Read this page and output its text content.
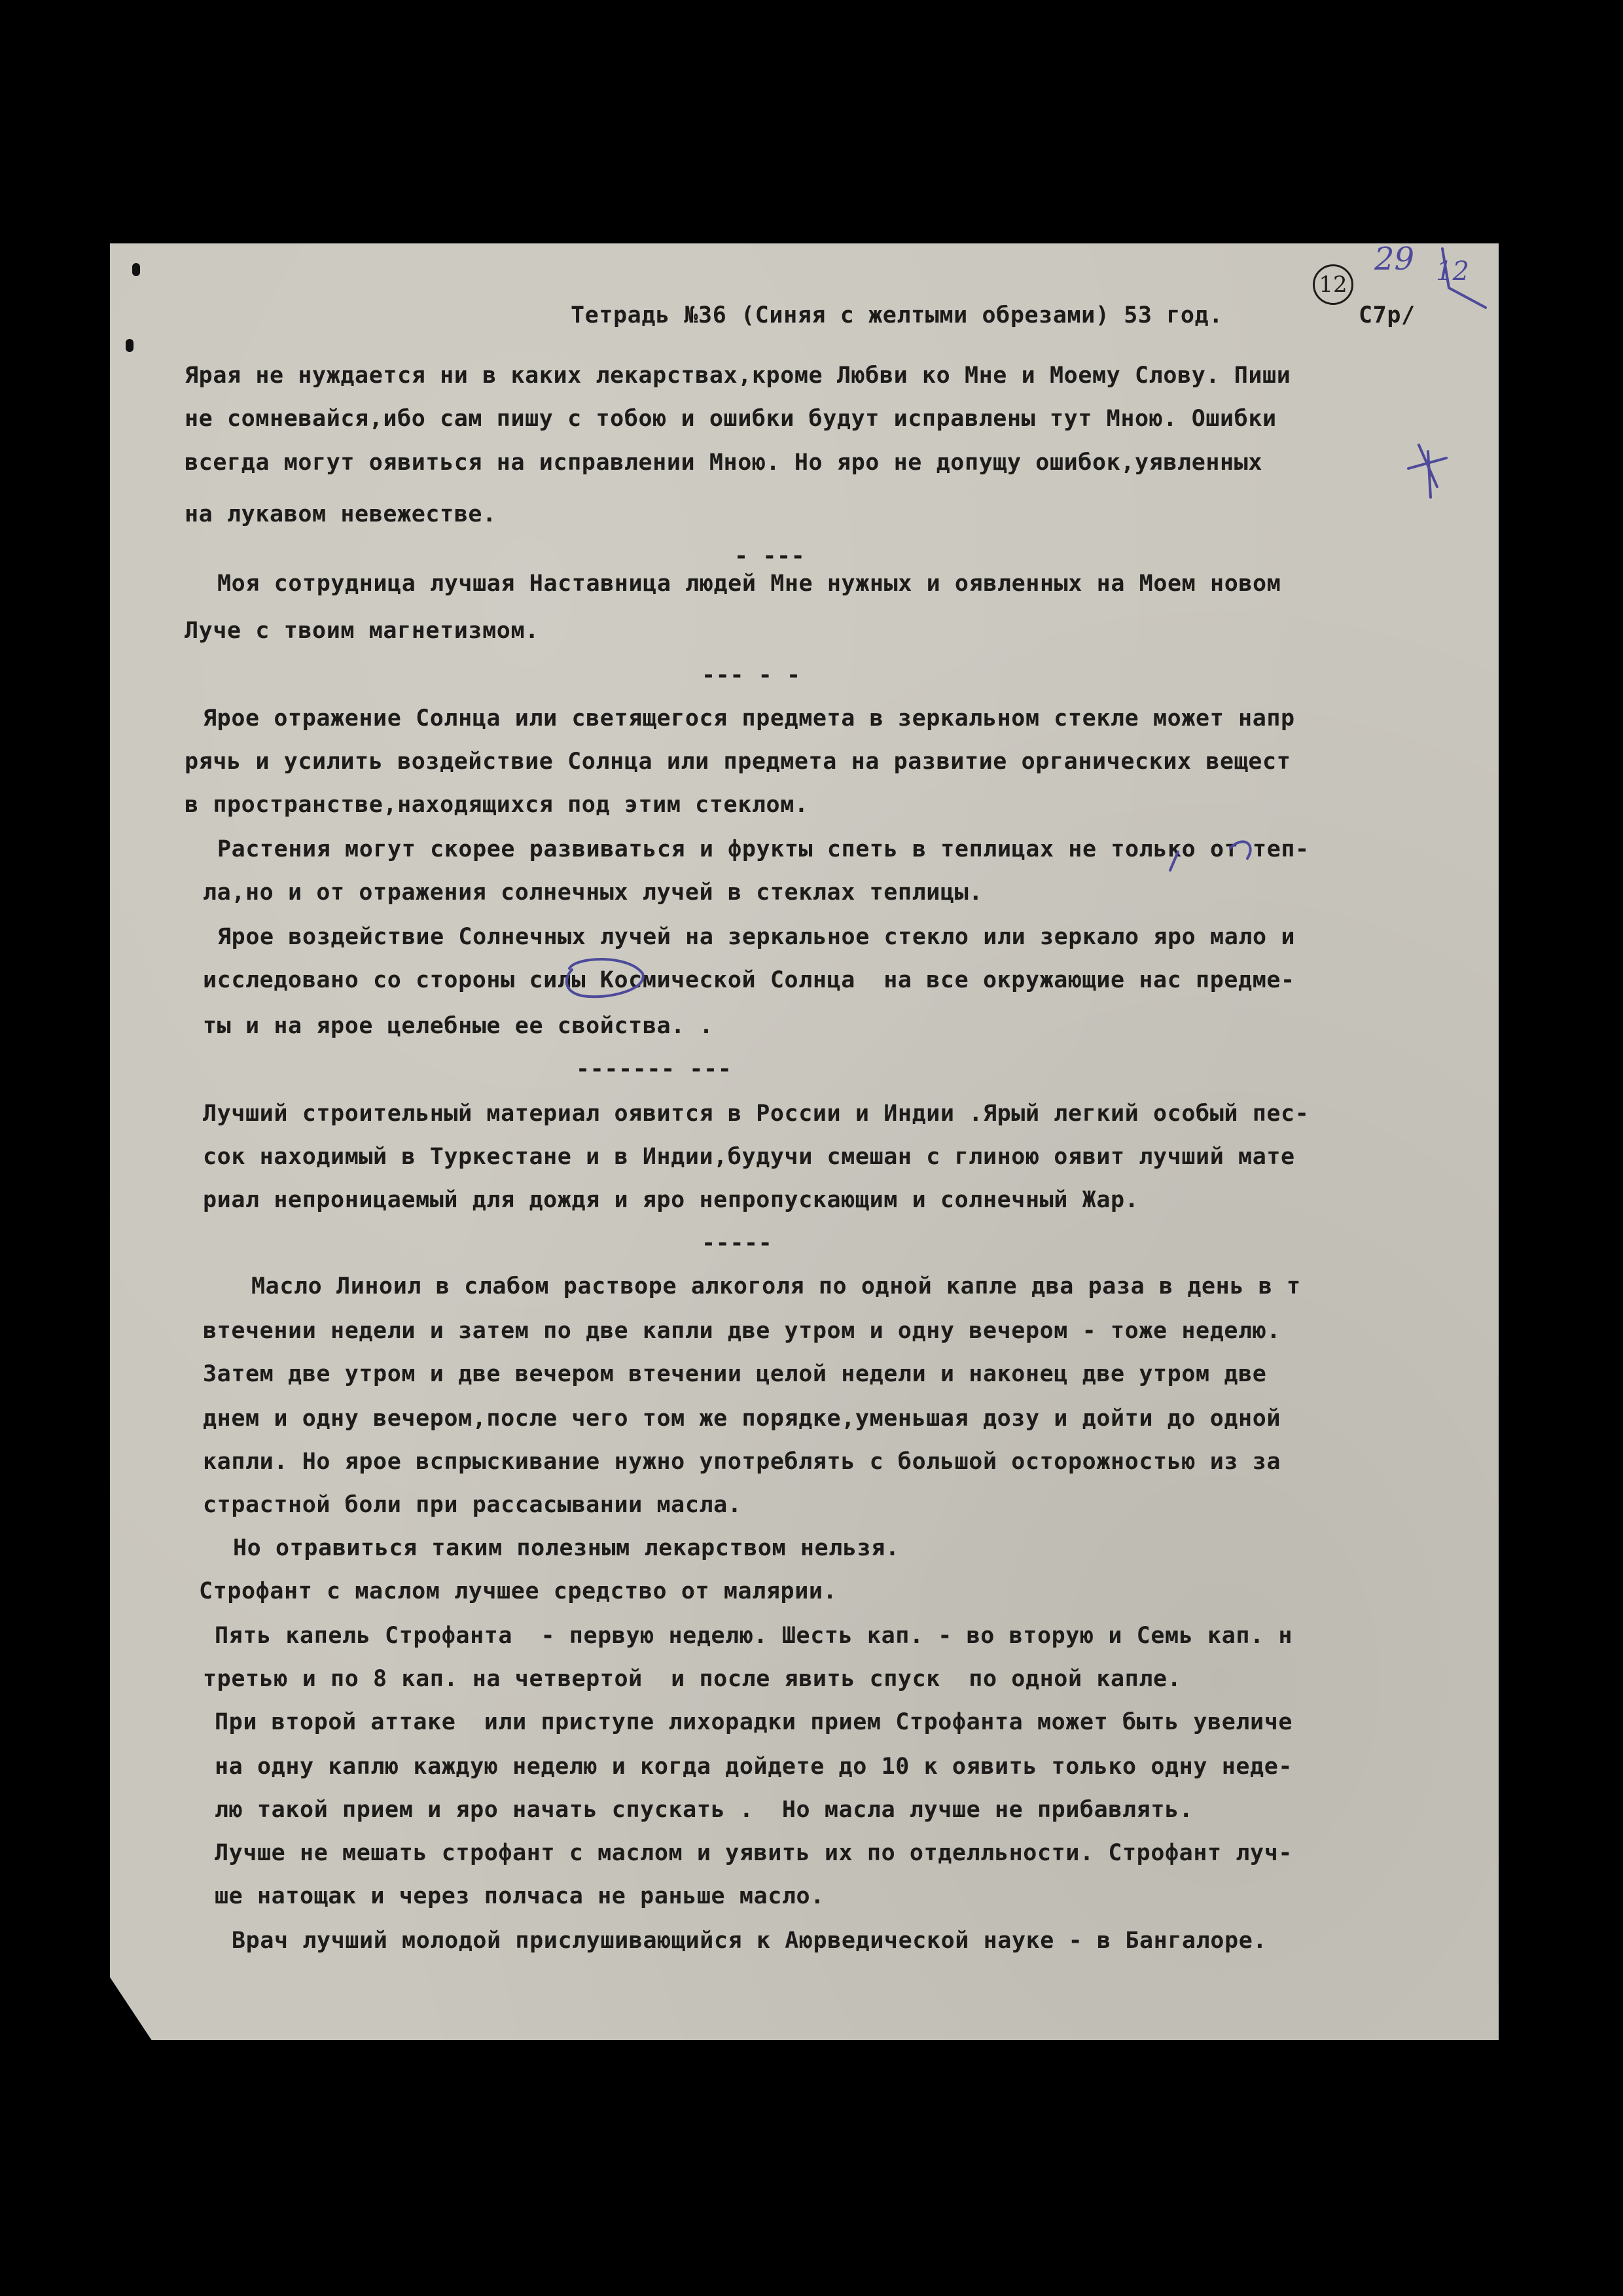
Тетрадь №36 (Синяя с желтыми обрезами) 53 год.	С7р/
29 12
12
Ярая не нуждается ни в каких лекарствах,кроме Любви ко Мне и Моему Слову. Пиши
не сомневайся,ибо сам пишу с тобою и ошибки будут исправлены тут Мною. Ошибки
всегда могут оявиться на исправлении Мною. Но яро не допущу ошибок,уявленных
на лукавом невежестве.
- ---
Моя сотрудница лучшая Наставница людей Мне нужных и оявленных на Моем новом
Луче с твоим магнетизмом.
--- - -
Ярое отражение Солнца или светящегося предмета в зеркальном стекле может напр
рячь и усилить воздействие Солнца или предмета на развитие органических вещест
в пространстве,находящихся под этим стеклом.
Растения могут скорее развиваться и фрукты спеть в теплицах не только от теп-
ла,но и от отражения солнечных лучей в стеклах теплицы.
Ярое воздействие Солнечных лучей на зеркальное стекло или зеркало яро мало и
исследовано со стороны силы Космической Солнца  на все окружающие нас предме-
ты и на ярое целебные ее свойства. .
------- ---
Лучший строительный материал оявится в России и Индии .Ярый легкий особый пес-
сок находимый в Туркестане и в Индии,будучи смешан с глиною оявит лучший мате
риал непроницаемый для дождя и яро непропускающим и солнечный Жар.
-----
Масло Линоил в слабом растворе алкоголя по одной капле два раза в день в т
втечении недели и затем по две капли две утром и одну вечером - тоже неделю.
Затем две утром и две вечером втечении целой недели и наконец две утром две
днем и одну вечером,после чего том же порядке,уменьшая дозу и дойти до одной
капли. Но ярое вспрыскивание нужно употреблять с большой осторожностью из за
страстной боли при рассасывании масла.
Но отравиться таким полезным лекарством нельзя.
Строфант с маслом лучшее средство от малярии.
Пять капель Строфанта  - первую неделю. Шесть кап. - во вторую и Семь кап. н
третью и по 8 кап. на четвертой  и после явить спуск  по одной капле.
При второй аттаке  или приступе лихорадки прием Строфанта может быть увеличе
на одну каплю каждую неделю и когда дойдете до 10 к оявить только одну неде-
лю такой прием и яро начать спускать .  Но масла лучше не прибавлять.
Лучше не мешать строфант с маслом и уявить их по отделльности. Строфант луч-
ше натощак и через полчаса не раньше масло.
Врач лучший молодой прислушивающийся к Аюрведической науке - в Бангалоре.
